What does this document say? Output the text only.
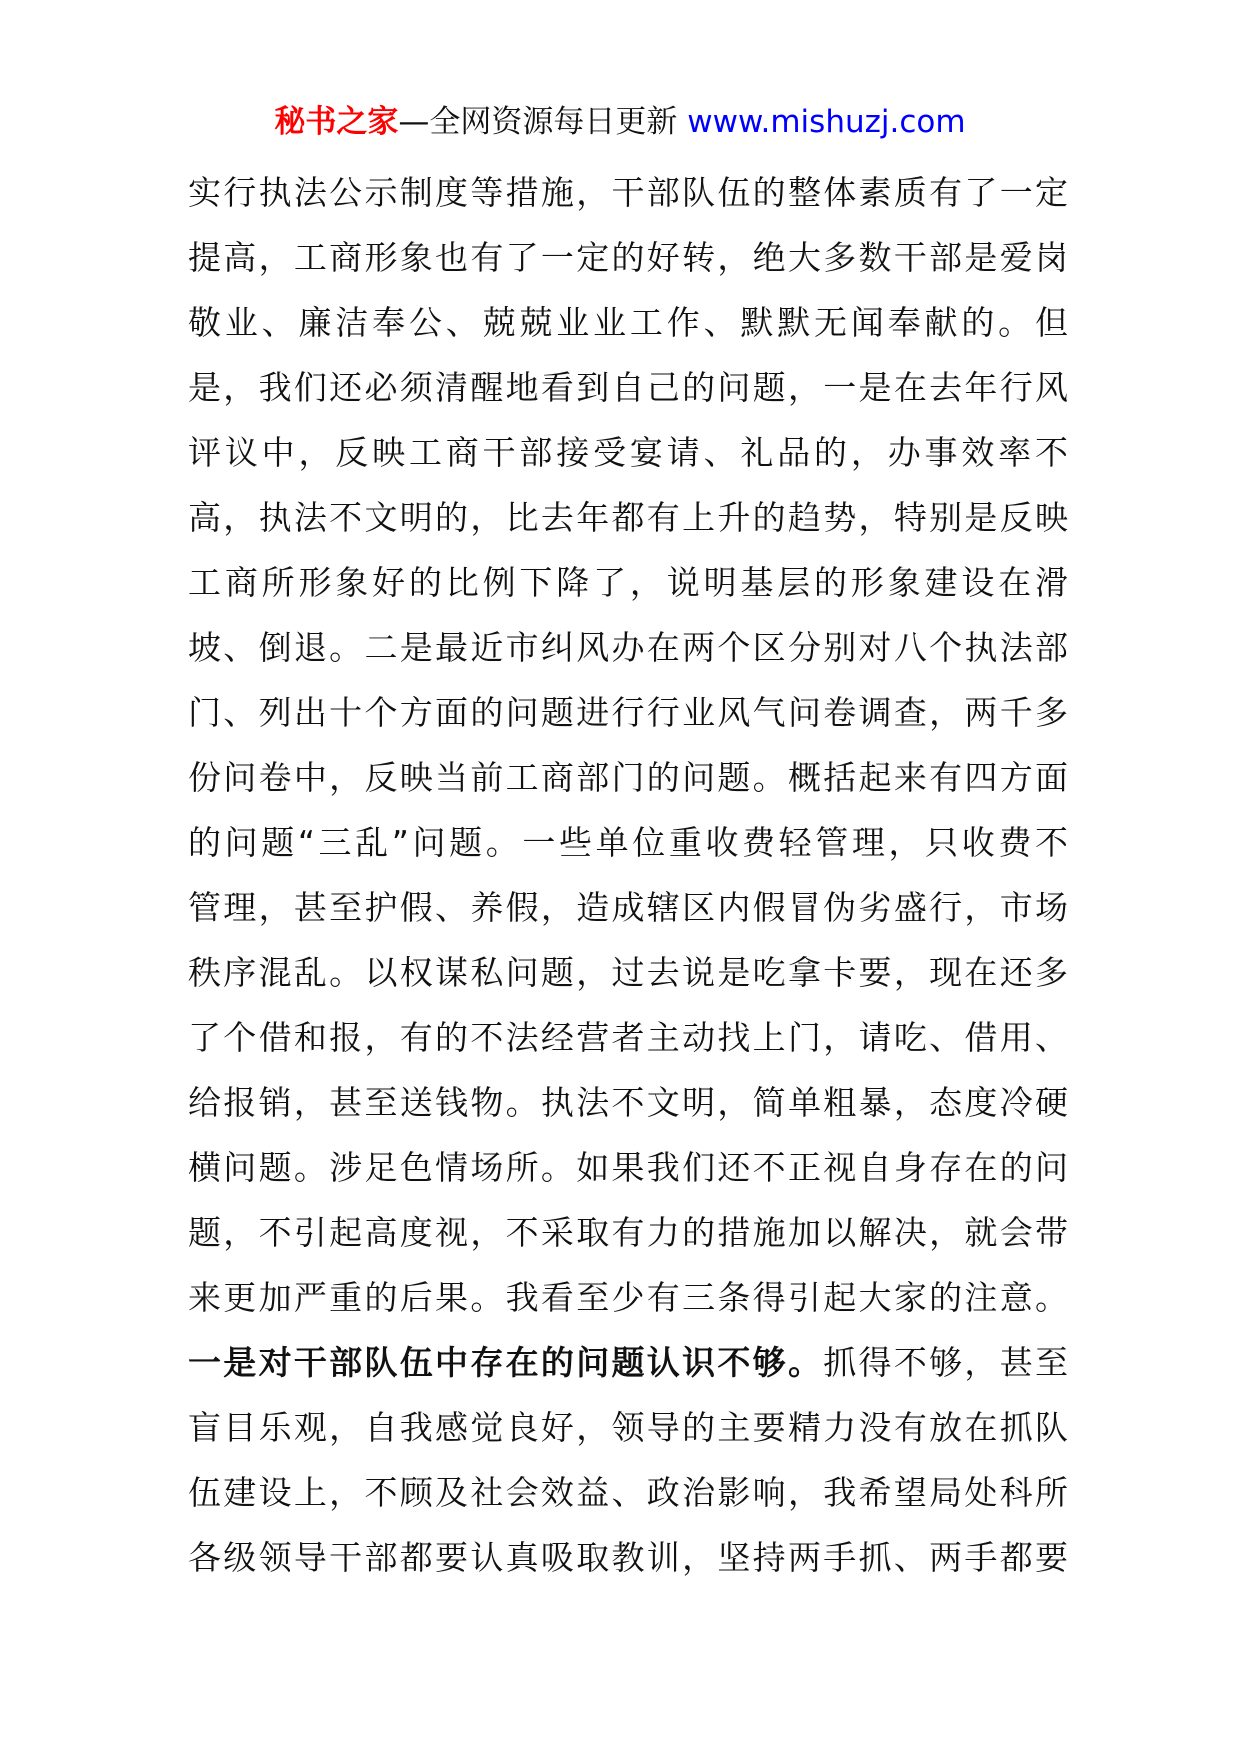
秘书之家—全网资源每日更新 www.mishuzj.com
实行执法公示制度等措施，干部队伍的整体素质有了一定
提高，工商形象也有了一定的好转，绝大多数干部是爱岗
敬业、廉洁奉公、兢兢业业工作、默默无闻奉献的。但
是，我们还必须清醒地看到自己的问题，一是在去年行风
评议中，反映工商干部接受宴请、礼品的，办事效率不
高，执法不文明的，比去年都有上升的趋势，特别是反映
工商所形象好的比例下降了，说明基层的形象建设在滑
坡、倒退。二是最近市纠风办在两个区分别对八个执法部
门、列出十个方面的问题进行行业风气问卷调查，两千多
份问卷中，反映当前工商部门的问题。概括起来有四方面
的问题“三乱”问题。一些单位重收费轻管理，只收费不
管理，甚至护假、养假，造成辖区内假冒伪劣盛行，市场
秩序混乱。以权谋私问题，过去说是吃拿卡要，现在还多
了个借和报，有的不法经营者主动找上门，请吃、借用、
给报销，甚至送钱物。执法不文明，简单粗暴，态度冷硬
横问题。涉足色情场所。如果我们还不正视自身存在的问
题，不引起高度视，不采取有力的措施加以解决，就会带
来更加严重的后果。我看至少有三条得引起大家的注意。
一是对干部队伍中存在的问题认识不够。抓得不够，甚至
盲目乐观，自我感觉良好，领导的主要精力没有放在抓队
伍建设上，不顾及社会效益、政治影响，我希望局处科所
各级领导干部都要认真吸取教训，坚持两手抓、两手都要
